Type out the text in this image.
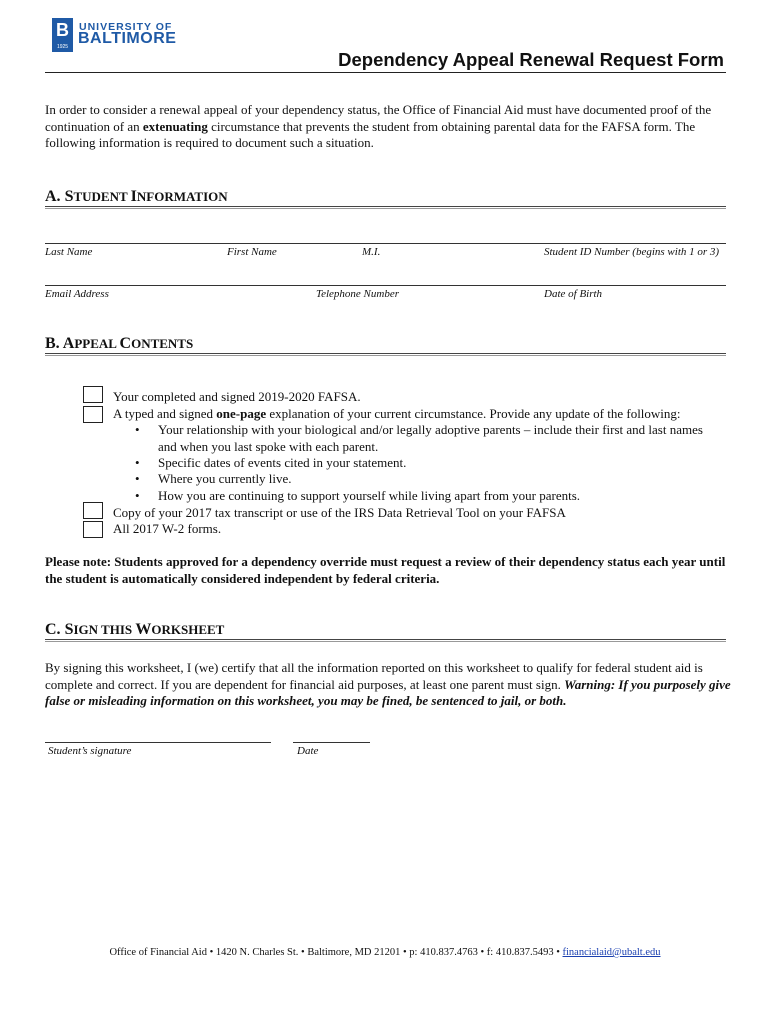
B
1925
UNIVERSITY OF
BALTIMORE
Dependency Appeal Renewal Request Form
In order to consider a renewal appeal of your dependency status, the Office of Financial Aid must have documented proof of the continuation of an extenuating circumstance that prevents the student from obtaining parental data for the FAFSA form. The following information is required to document such a situation.
A. STUDENT INFORMATION
Last Name	First Name	M.I.	Student ID Number (begins with 1 or 3)
Email Address	Telephone Number	Date of Birth
B. APPEAL CONTENTS
Your completed and signed 2019-2020 FAFSA.
A typed and signed one-page explanation of your current circumstance. Provide any update of the following:
• Your relationship with your biological and/or legally adoptive parents – include their first and last names and when you last spoke with each parent.
• Specific dates of events cited in your statement.
• Where you currently live.
• How you are continuing to support yourself while living apart from your parents.
Copy of your 2017 tax transcript or use of the IRS Data Retrieval Tool on your FAFSA
All 2017 W-2 forms.
Please note: Students approved for a dependency override must request a review of their dependency status each year until the student is automatically considered independent by federal criteria.
C. SIGN THIS WORKSHEET
By signing this worksheet, I (we) certify that all the information reported on this worksheet to qualify for federal student aid is complete and correct. If you are dependent for financial aid purposes, at least one parent must sign. Warning: If you purposely give false or misleading information on this worksheet, you may be fined, be sentenced to jail, or both.
Student’s signature	Date
Office of Financial Aid • 1420 N. Charles St. • Baltimore, MD 21201 • p: 410.837.4763 • f: 410.837.5493 • financialaid@ubalt.edu
